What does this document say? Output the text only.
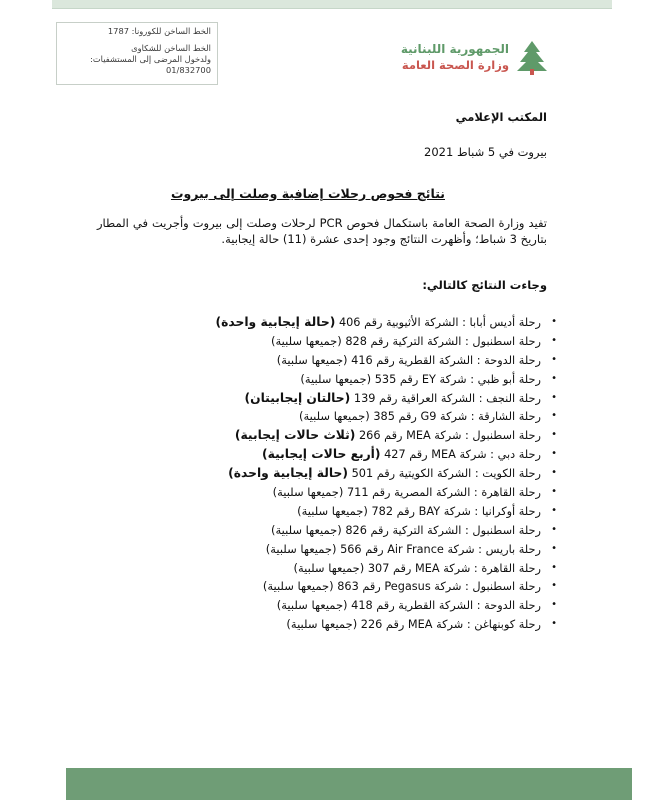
الخط الساخن للكورونا: 1787
الخط الساخن للشكاوى
ولدخول المرضى إلى المستشفيات: 01/832700
الجمهورية اللبنانية
وزارة الصحة العامة
المكتب الإعلامي
بيروت في 5 شباط 2021
نتائج فحوص رحلات إضافية وصلت إلى بيروت
تفيد وزارة الصحة العامة باستكمال فحوص PCR لرحلات وصلت إلى بيروت وأجريت في المطار بتاريخ 3 شباط؛ وأظهرت النتائج وجود إحدى عشرة (11) حالة إيجابية.
وجاءت النتائج كالتالي:
• رحلة أديس أبابا : الشركة الأثيوبية رقم 406 (حالة إيجابية واحدة)
• رحلة اسطنبول : الشركة التركية رقم 828 (جميعها سلبية)
• رحلة الدوحة : الشركة القطرية رقم 416 (جميعها سلبية)
• رحلة أبو ظبي : شركة EY رقم 535 (جميعها سلبية)
• رحلة النجف : الشركة العراقية رقم 139 (حالتان إيجابيتان)
• رحلة الشارقة : شركة G9 رقم 385 (جميعها سلبية)
• رحلة اسطنبول : شركة MEA رقم 266 (ثلاث حالات إيجابية)
• رحلة دبي : شركة MEA رقم 427 (أربع حالات إيجابية)
• رحلة الكويت : الشركة الكويتية رقم 501 (حالة إيجابية واحدة)
• رحلة القاهرة : الشركة المصرية رقم 711 (جميعها سلبية)
• رحلة أوكرانيا : شركة BAY رقم 782 (جميعها سلبية)
• رحلة اسطنبول : الشركة التركية رقم 826 (جميعها سلبية)
• رحلة باريس : شركة Air France رقم 566 (جميعها سلبية)
• رحلة القاهرة : شركة MEA رقم 307 (جميعها سلبية)
• رحلة اسطنبول : شركة Pegasus رقم 863 (جميعها سلبية)
• رحلة الدوحة : الشركة القطرية رقم 418 (جميعها سلبية)
• رحلة كوبنهاغن : شركة MEA رقم 226 (جميعها سلبية)
